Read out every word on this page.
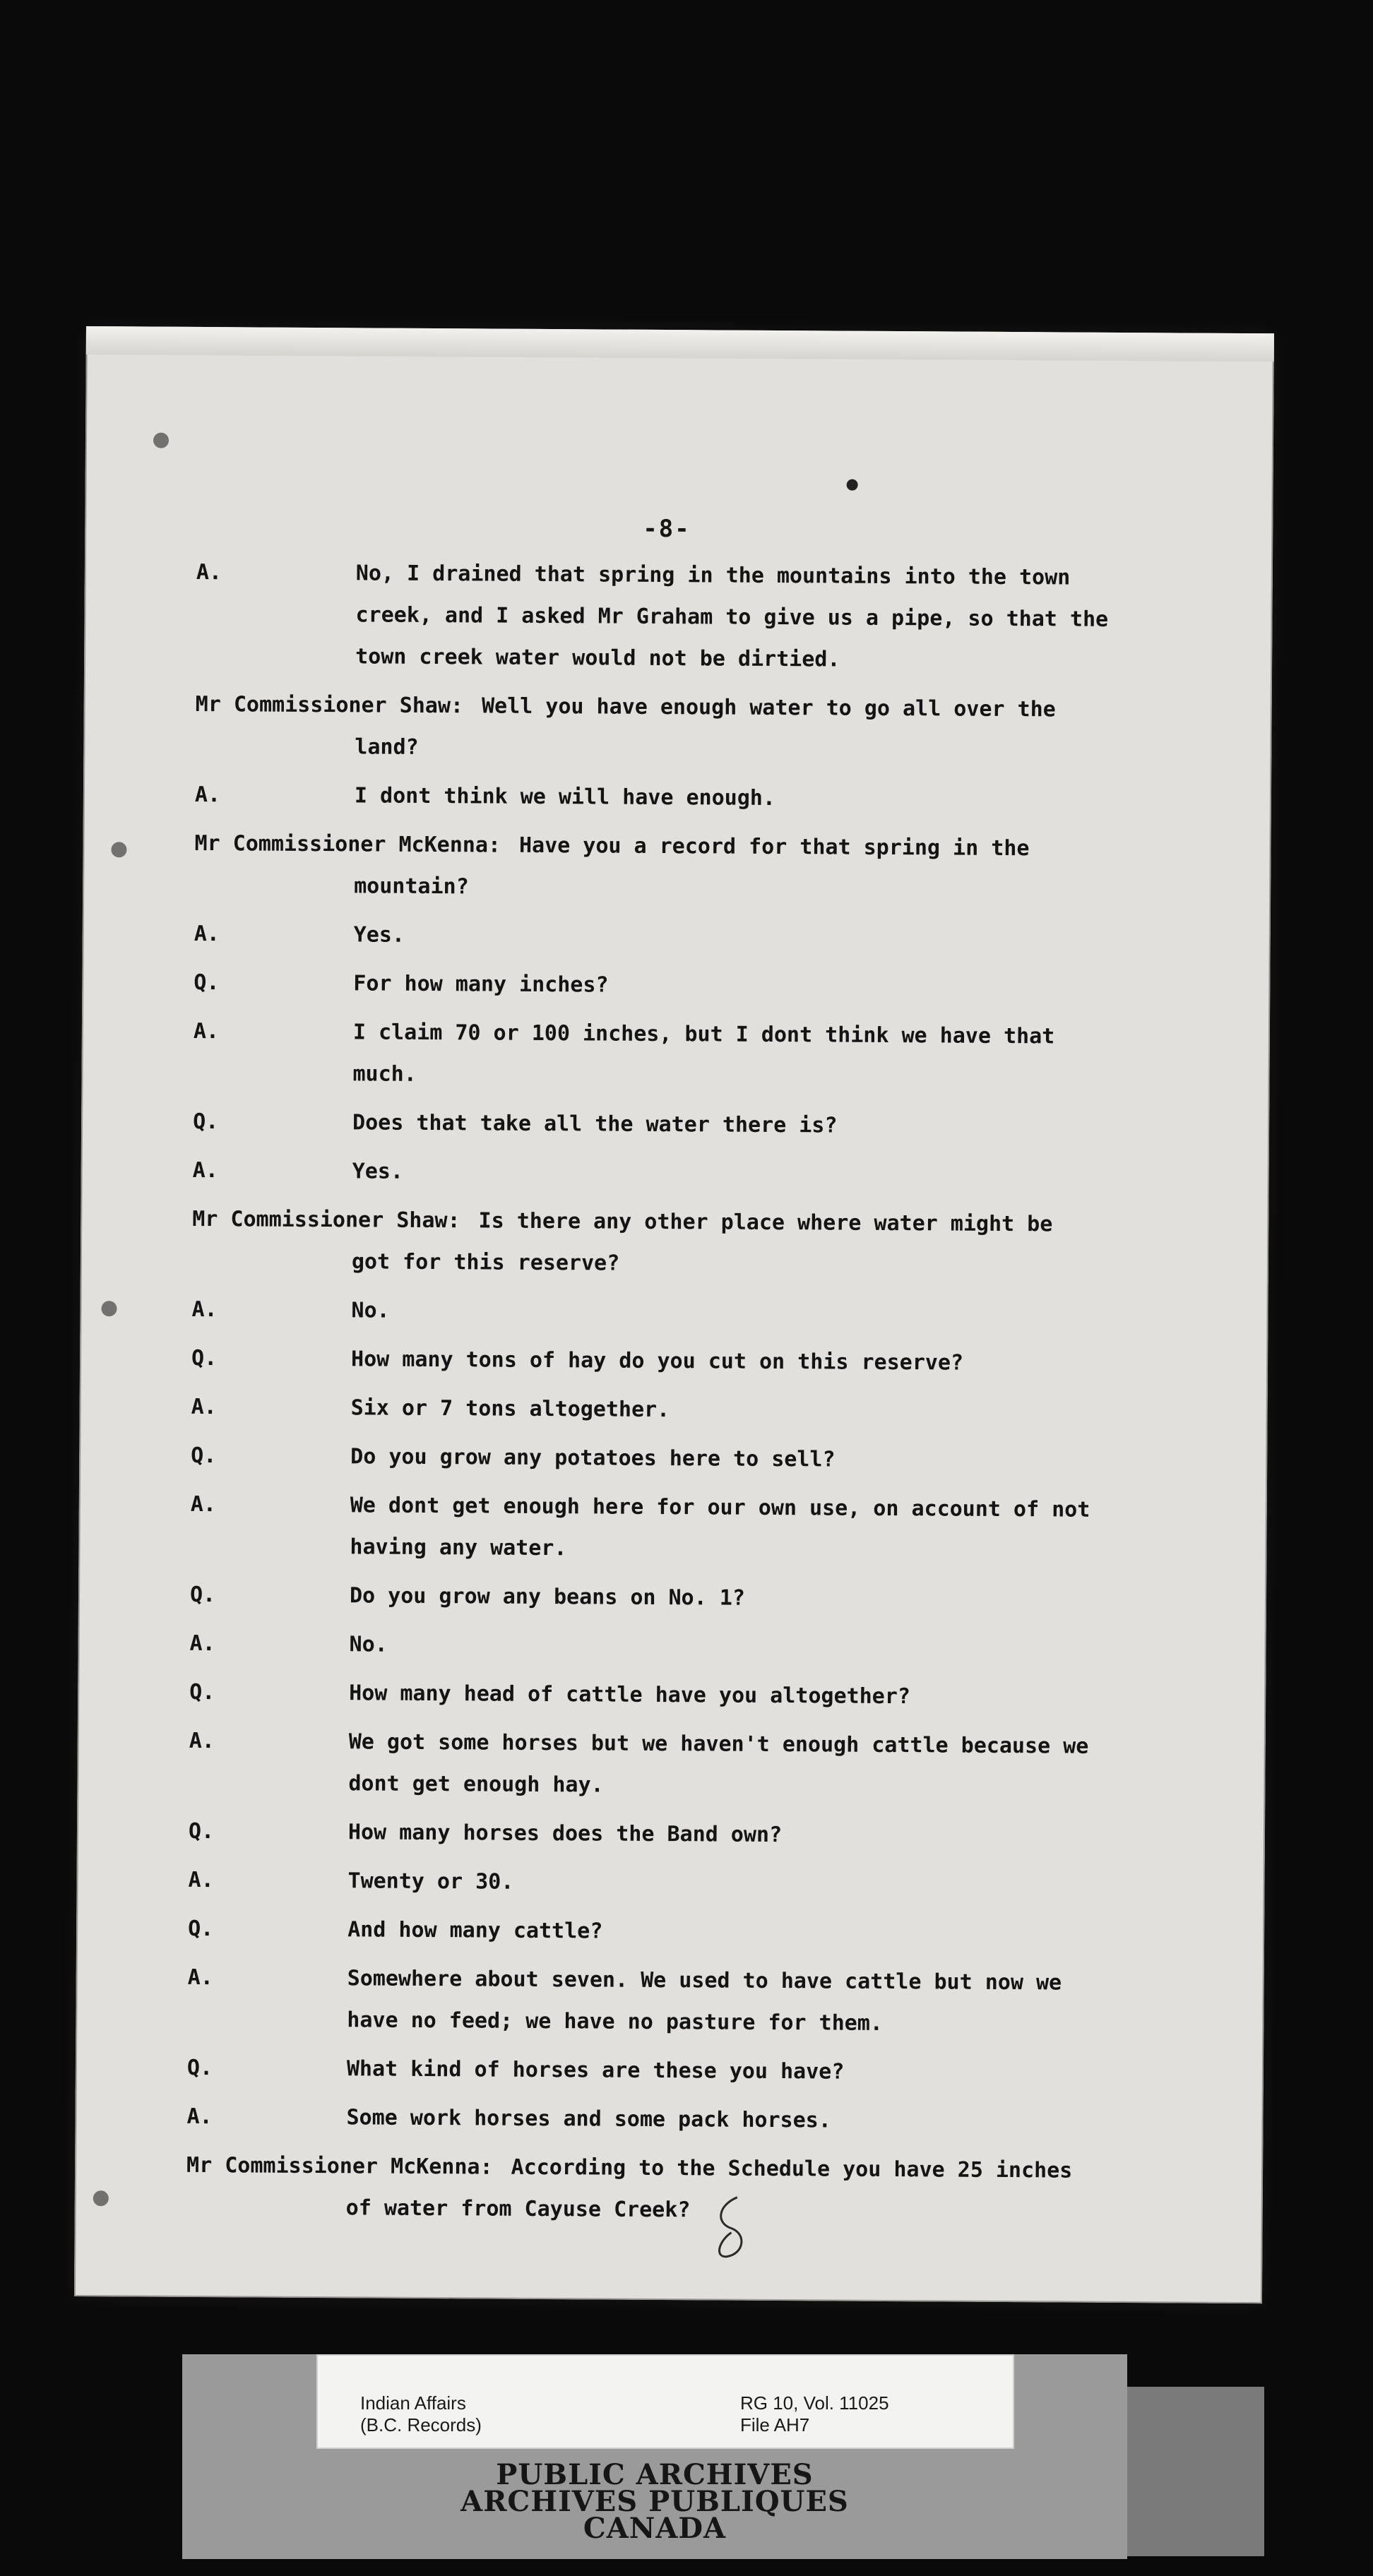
-8-
A.	No, I drained that spring in the mountains into the town
creek, and I asked Mr Graham to give us a pipe, so that the
town creek water would not be dirtied.
Mr Commissioner Shaw: Well you have enough water to go all over the
land?
A.	I dont think we will have enough.
Mr Commissioner McKenna: Have you a record for that spring in the
mountain?
A.	Yes.
Q.	For how many inches?
A.	I claim 70 or 100 inches, but I dont think we have that
much.
Q.	Does that take all the water there is?
A.	Yes.
Mr Commissioner Shaw: Is there any other place where water might be
got for this reserve?
A.	No.
Q.	How many tons of hay do you cut on this reserve?
A.	Six or 7 tons altogether.
Q.	Do you grow any potatoes here to sell?
A.	We dont get enough here for our own use, on account of not
having any water.
Q.	Do you grow any beans on No. 1?
A.	No.
Q.	How many head of cattle have you altogether?
A.	We got some horses but we haven't enough cattle because we
dont get enough hay.
Q.	How many horses does the Band own?
A.	Twenty or 30.
Q.	And how many cattle?
A.	Somewhere about seven. We used to have cattle but now we
have no feed; we have no pasture for them.
Q.	What kind of horses are these you have?
A.	Some work horses and some pack horses.
Mr Commissioner McKenna: According to the Schedule you have 25 inches
of water from Cayuse Creek?
Indian Affairs
(B.C. Records)
RG 10, Vol. 11025
File AH7
PUBLIC ARCHIVES
ARCHIVES PUBLIQUES
CANADA
